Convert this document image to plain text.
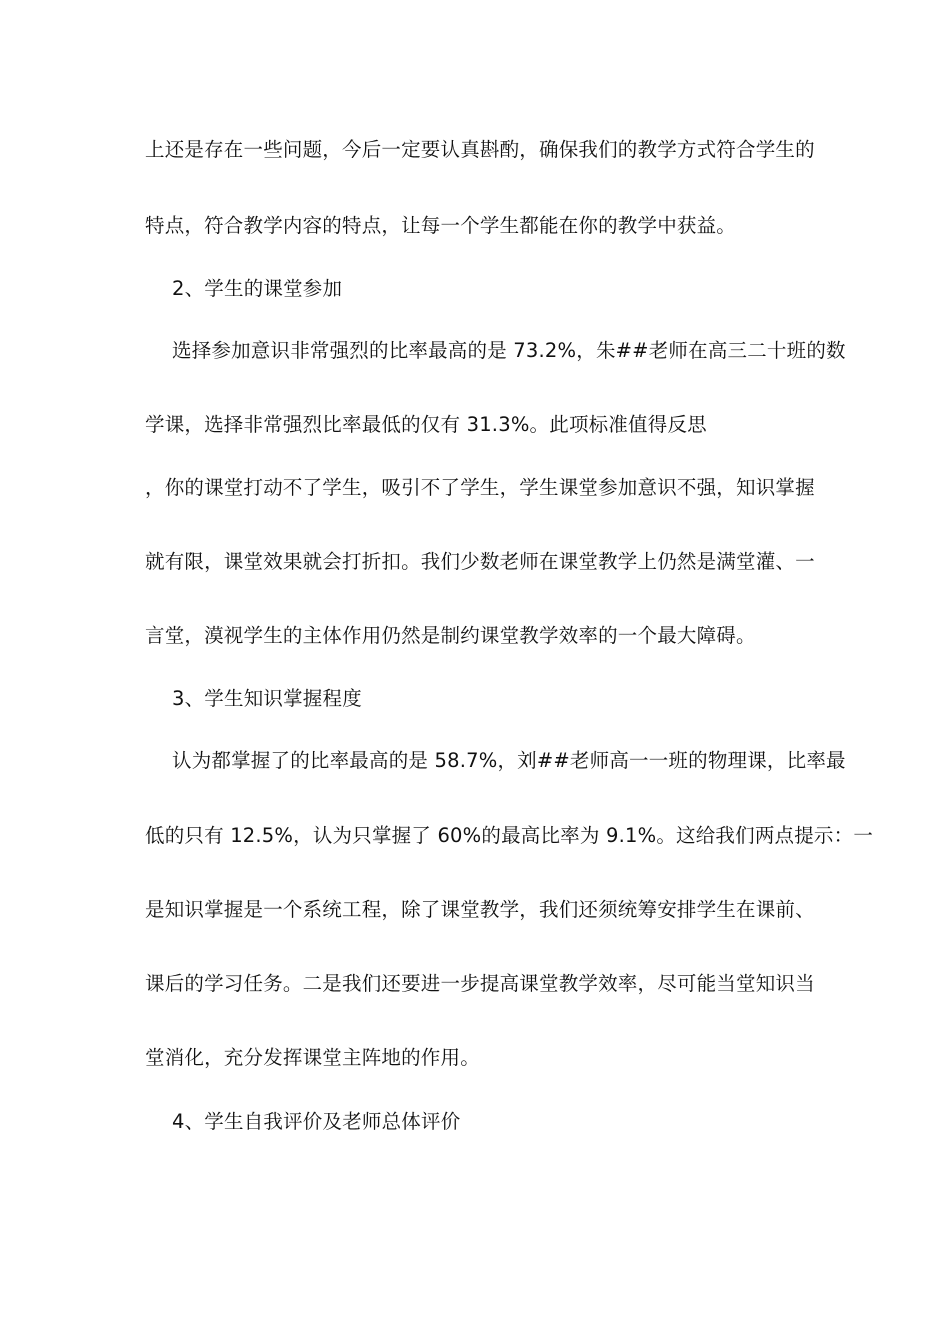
上还是存在一些问题，今后一定要认真斟酌，确保我们的教学方式符合学生的
特点，符合教学内容的特点，让每一个学生都能在你的教学中获益。
2、学生的课堂参加
选择参加意识非常强烈的比率最高的是 73.2%，朱##老师在高三二十班的数
学课，选择非常强烈比率最低的仅有 31.3%。此项标准值得反思
，你的课堂打动不了学生，吸引不了学生，学生课堂参加意识不强，知识掌握
就有限，课堂效果就会打折扣。我们少数老师在课堂教学上仍然是满堂灌、一
言堂，漠视学生的主体作用仍然是制约课堂教学效率的一个最大障碍。
3、学生知识掌握程度
认为都掌握了的比率最高的是 58.7%，刘##老师高一一班的物理课，比率最
低的只有 12.5%，认为只掌握了 60%的最高比率为 9.1%。这给我们两点提示：一
是知识掌握是一个系统工程，除了课堂教学，我们还须统筹安排学生在课前、
课后的学习任务。二是我们还要进一步提高课堂教学效率，尽可能当堂知识当
堂消化，充分发挥课堂主阵地的作用。
4、学生自我评价及老师总体评价
